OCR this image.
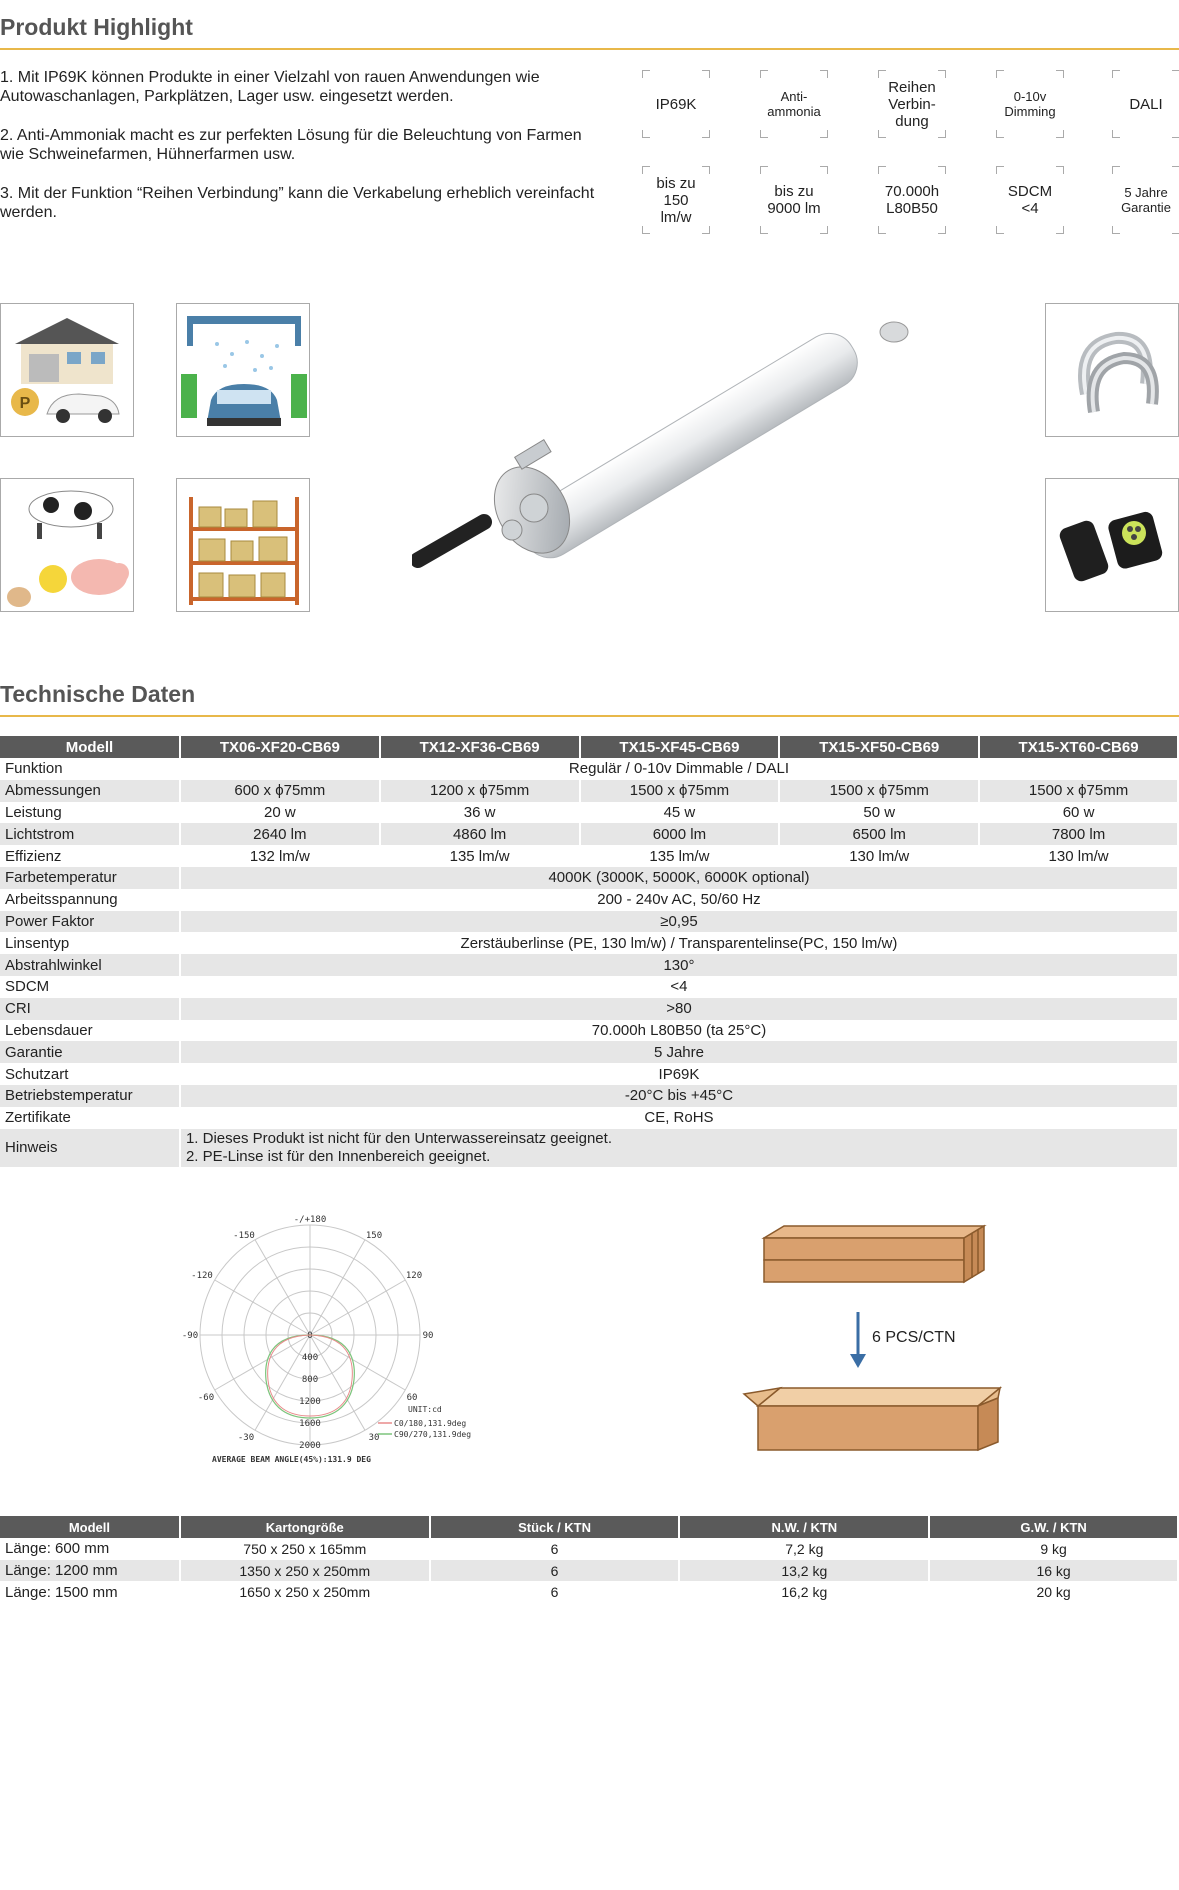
Produkt Highlight
1. Mit IP69K können Produkte in einer Vielzahl von rauen Anwendungen wie Autowaschanlagen, Parkplätzen, Lager usw. eingesetzt werden.
2. Anti-Ammoniak macht es zur perfekten Lösung für die Beleuchtung von Farmen wie Schweinefarmen, Hühnerfarmen usw.
3. Mit der Funktion “Reihen Verbindung” kann die Verkabelung erheblich vereinfacht werden.
IP69K	Anti-
ammonia
Reihen
Verbin-
dung
0-10v
Dimming	DALI
bis zu
150
lm/w
bis zu
9000 lm
70.000h
L80B50
SDCM
<4
5 Jahre
Garantie
P
Technische Daten
Modell	TX06-XF20-CB69	TX12-XF36-CB69	TX15-XF45-CB69	TX15-XF50-CB69	TX15-XT60-CB69
Funktion	Regulär / 0-10v Dimmable / DALI				
Abmessungen	600 x ϕ75mm	1200 x ϕ75mm	1500 x ϕ75mm	1500 x ϕ75mm	1500 x ϕ75mm
Leistung	20 w	36 w	45 w	50 w	60 w
Lichtstrom	2640 lm	4860 lm	6000 lm	6500 lm	7800 lm
Effizienz	132 lm/w	135 lm/w	135 lm/w	130 lm/w	130 lm/w
Farbetemperatur	4000K (3000K, 5000K, 6000K optional)				
Arbeitsspannung	200 - 240v AC, 50/60 Hz				
Power Faktor	≥0,95				
Linsentyp	Zerstäuberlinse (PE, 130 lm/w) / Transparentelinse(PC, 150 lm/w)				
Abstrahlwinkel	130°				
SDCM	<4				
CRI	>80				
Lebensdauer	70.000h L80B50 (ta 25°C)				
Garantie	5 Jahre				
Schutzart	IP69K				
Betriebstemperatur	-20°C bis +45°C				
Zertifikate	CE, RoHS				
Hinweis	1. Dieses Produkt ist nicht für den Unterwassereinsatz geeignet.
2. PE-Linse ist für den Innenbereich geeignet.				
-/+180
-150	150
-120	120
-90	90
-60	60
-30	30
0
400
800
1200
1600
2000
UNIT:cd
C0/180,131.9deg
C90/270,131.9deg
AVERAGE BEAM ANGLE(45%):131.9 DEG
6 PCS/CTN
Modell	Kartongröße	Stück / KTN	N.W. / KTN	G.W. / KTN
Länge: 600 mm	750 x 250 x 165mm	6	7,2 kg	9 kg
Länge: 1200 mm	1350 x 250 x 250mm	6	13,2 kg	16 kg
Länge: 1500 mm	1650 x 250 x 250mm	6	16,2 kg	20 kg
